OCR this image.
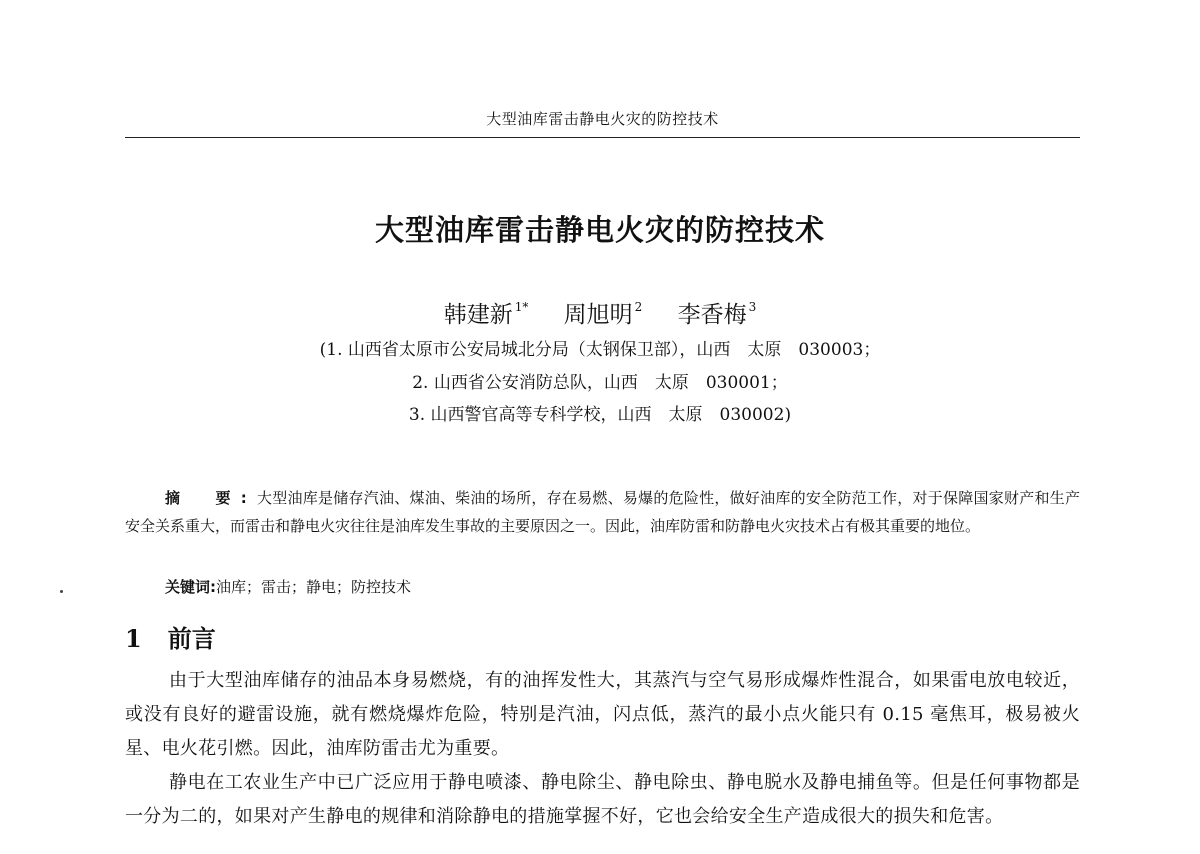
大型油库雷击静电火灾的防控技术
大型油库雷击静电火灾的防控技术
韩建新 $^{1*}$ 周旭明 $^2$ 李香梅 $^3$
(1. 山西省太原市公安局城北分局（太钢保卫部），山西　太原　030003；
2. 山西省公安消防总队，山西　太原　030001；
3. 山西警官高等专科学校，山西　太原　030002)
摘　要:大型油库是储存汽油、煤油、柴油的场所，存在易燃、易爆的危险性，做好油库的安全防范工作，对于保障国家财产和生产安全关系重大，而雷击和静电火灾往往是油库发生事故的主要原因之一。因此，油库防雷和防静电火灾技术占有极其重要的地位。
关键词:油库；雷击；静电；防控技术
1 前言
由于大型油库储存的油品本身易燃烧，有的油挥发性大，其蒸汽与空气易形成爆炸性混合，如果雷电放电较近，或没有良好的避雷设施，就有燃烧爆炸危险，特别是汽油，闪点低，蒸汽的最小点火能只有 0.15 毫焦耳，极易被火星、电火花引燃。因此，油库防雷击尤为重要。
静电在工农业生产中已广泛应用于静电喷漆、静电除尘、静电除虫、静电脱水及静电捕鱼等。但是任何事物都是一分为二的，如果对产生静电的规律和消除静电的措施掌握不好，它也会给安全生产造成很大的损失和危害。
